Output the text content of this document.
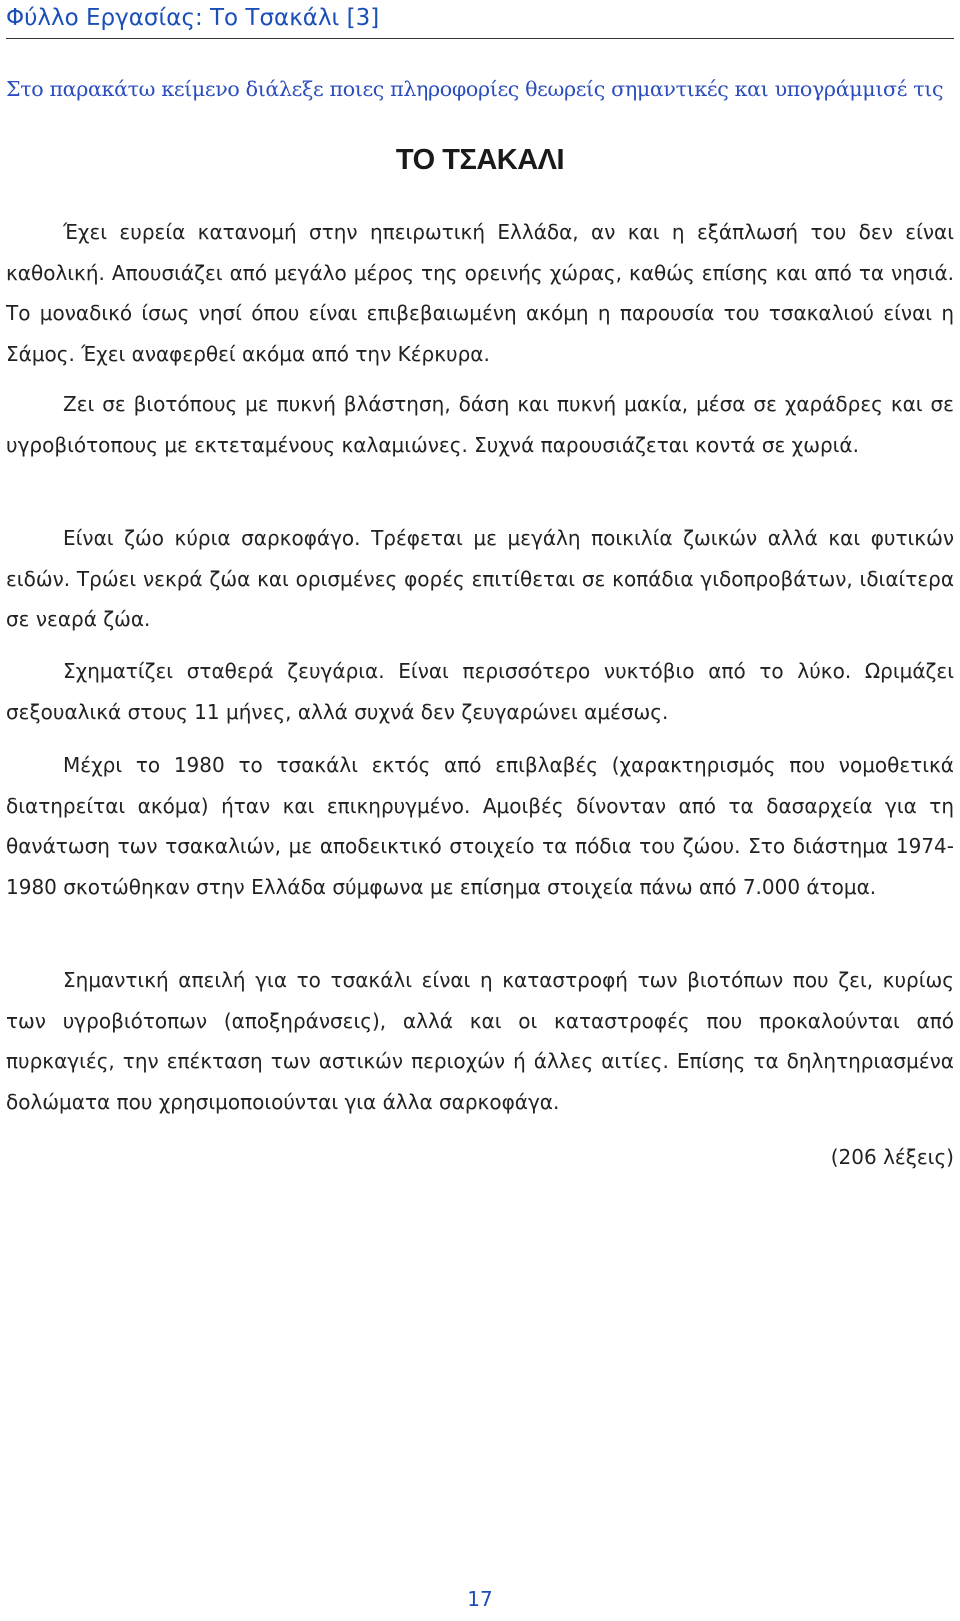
Φύλλο Εργασίας: Το Τσακάλι [3]
Στο παρακάτω κείμενο διάλεξε ποιες πληροφορίες θεωρείς σημαντικές και υπογράμμισέ τις
ΤΟ ΤΣΑΚΑΛΙ

Έχει ευρεία κατανομή στην ηπειρωτική Ελλάδα, αν και η εξάπλωσή του δεν είναι καθολική. Απουσιάζει από μεγάλο μέρος της ορεινής χώρας, καθώς επίσης και από τα νησιά. Το μοναδικό ίσως νησί όπου είναι επιβεβαιωμένη ακόμη η παρουσία του τσακαλιού είναι η Σάμος. Έχει αναφερθεί ακόμα από την Κέρκυρα.

Ζει σε βιοτόπους με πυκνή βλάστηση, δάση και πυκνή μακία, μέσα σε χαράδρες και σε υγροβιότοπους με εκτεταμένους καλαμιώνες. Συχνά παρουσιάζεται κοντά σε χωριά.

Είναι ζώο κύρια σαρκοφάγο. Τρέφεται με μεγάλη ποικιλία ζωικών αλλά και φυτικών ειδών. Τρώει νεκρά ζώα και ορισμένες φορές επιτίθεται σε κοπάδια γιδοπροβάτων, ιδιαίτερα σε νεαρά ζώα.

Σχηματίζει σταθερά ζευγάρια. Είναι περισσότερο νυκτόβιο από το λύκο. Ωριμάζει σεξουαλικά στους 11 μήνες, αλλά συχνά δεν ζευγαρώνει αμέσως.

Μέχρι το 1980 το τσακάλι εκτός από επιβλαβές (χαρακτηρισμός που νομοθετικά διατηρείται ακόμα) ήταν και επικηρυγμένο. Αμοιβές δίνονταν από τα δασαρχεία για τη θανάτωση των τσακαλιών, με αποδεικτικό στοιχείο τα πόδια του ζώου. Στο διάστημα 1974-1980 σκοτώθηκαν στην Ελλάδα σύμφωνα με επίσημα στοιχεία πάνω από 7.000 άτομα.

Σημαντική απειλή για το τσακάλι είναι η καταστροφή των βιοτόπων που ζει, κυρίως των υγροβιότοπων (αποξηράνσεις), αλλά και οι καταστροφές που προκαλούνται από πυρκαγιές, την επέκταση των αστικών περιοχών ή άλλες αιτίες. Επίσης τα δηλητηριασμένα δολώματα που χρησιμοποιούνται για άλλα σαρκοφάγα.

(206 λέξεις)
17
